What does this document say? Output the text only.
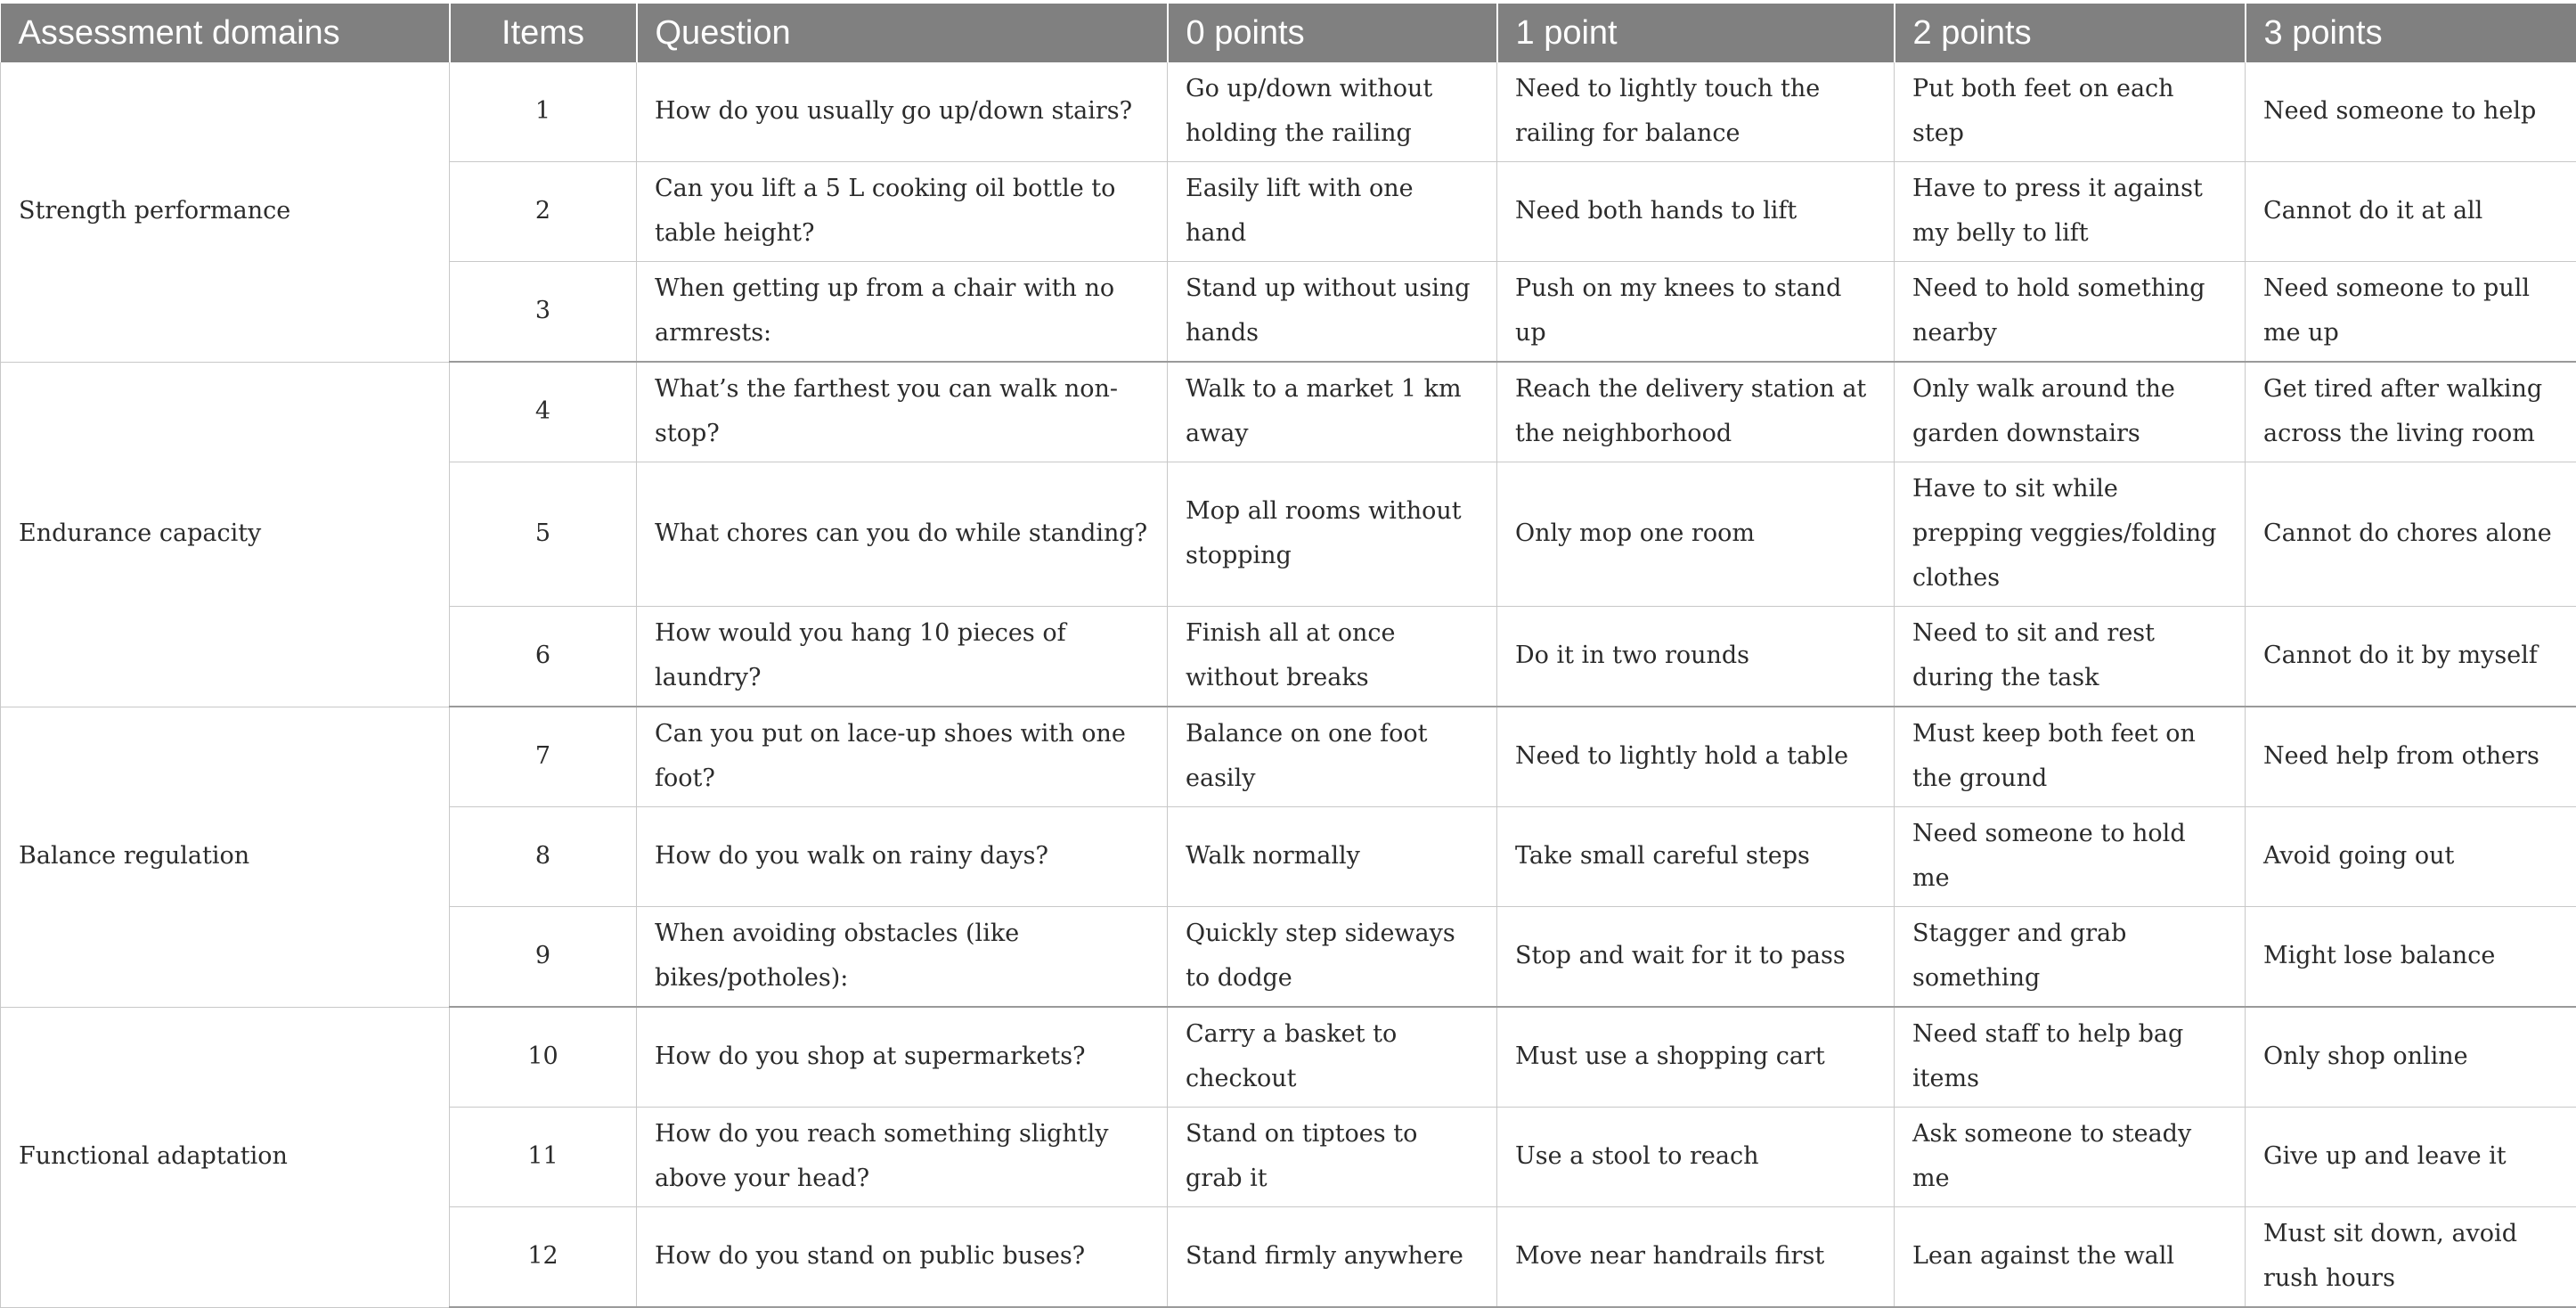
Assessment domains	Items	Question	0 points	1 point	2 points	3 points
Strength performance	1	How do you usually go up/down stairs?	Go up/down without holding the railing	Need to lightly touch the railing for balance	Put both feet on each step	Need someone to help
	2	Can you lift a 5 L cooking oil bottle to table height?	Easily lift with one hand	Need both hands to lift	Have to press it against my belly to lift	Cannot do it at all
	3	When getting up from a chair with no armrests:	Stand up without using hands	Push on my knees to stand up	Need to hold something nearby	Need someone to pull me up
Endurance capacity	4	What’s the farthest you can walk non-stop?	Walk to a market 1 km away	Reach the delivery station at the neighborhood	Only walk around the garden downstairs	Get tired after walking across the living room
	5	What chores can you do while standing?	Mop all rooms without stopping	Only mop one room	Have to sit while prepping veggies/folding clothes	Cannot do chores alone
	6	How would you hang 10 pieces of laundry?	Finish all at once without breaks	Do it in two rounds	Need to sit and rest during the task	Cannot do it by myself
Balance regulation	7	Can you put on lace-up shoes with one foot?	Balance on one foot easily	Need to lightly hold a table	Must keep both feet on the ground	Need help from others
	8	How do you walk on rainy days?	Walk normally	Take small careful steps	Need someone to hold me	Avoid going out
	9	When avoiding obstacles (like bikes/potholes):	Quickly step sideways to dodge	Stop and wait for it to pass	Stagger and grab something	Might lose balance
Functional adaptation	10	How do you shop at supermarkets?	Carry a basket to checkout	Must use a shopping cart	Need staff to help bag items	Only shop online
	11	How do you reach something slightly above your head?	Stand on tiptoes to grab it	Use a stool to reach	Ask someone to steady me	Give up and leave it
	12	How do you stand on public buses?	Stand firmly anywhere	Move near handrails first	Lean against the wall	Must sit down, avoid rush hours
